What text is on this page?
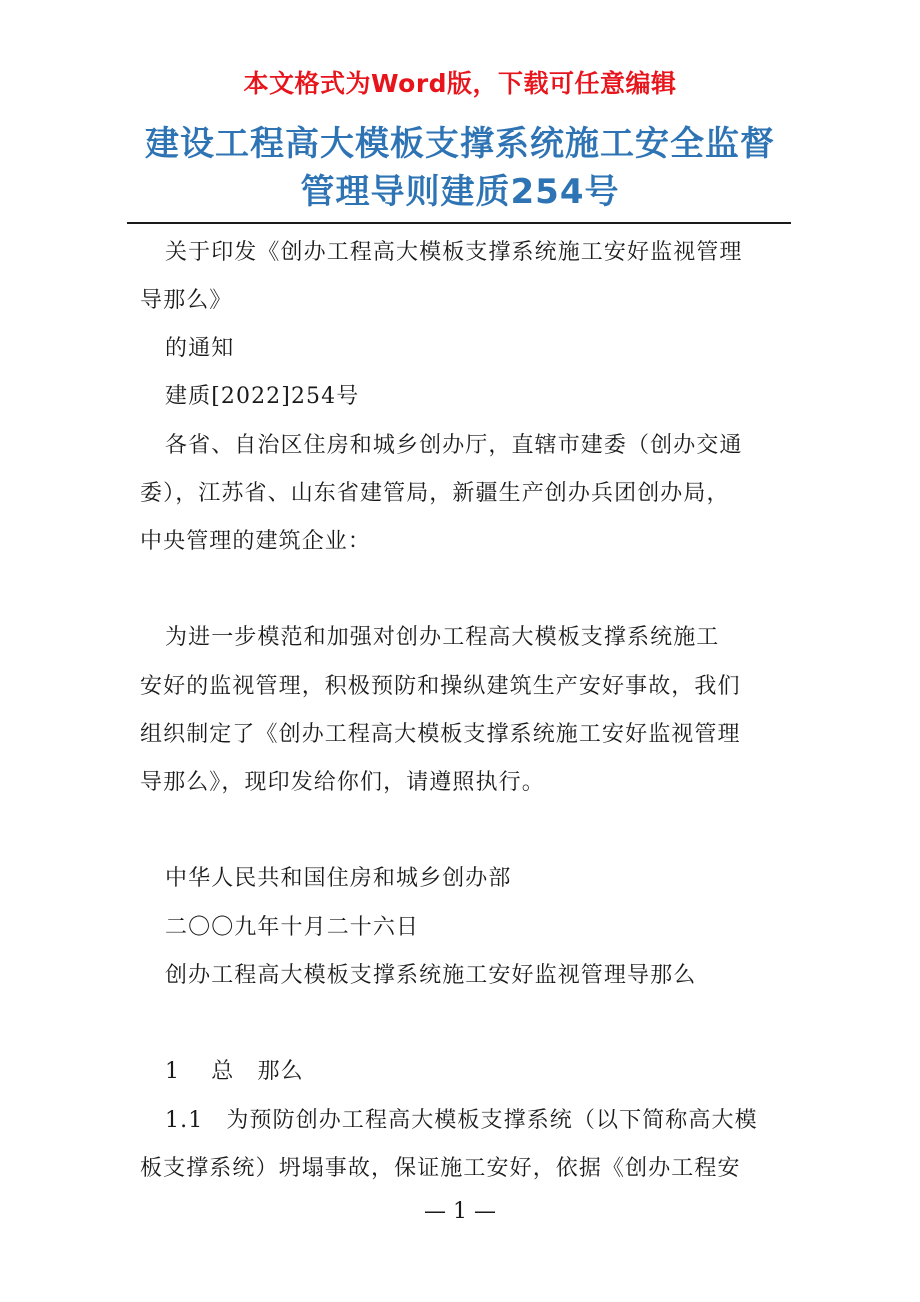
本文格式为Word版，下载可任意编辑
建设工程高大模板支撑系统施工安全监督
管理导则建质254号
关于印发《创办工程高大模板支撑系统施工安好监视管理
导那么》
的通知
建质[2022]254号
各省、自治区住房和城乡创办厅，直辖市建委（创办交通
委），江苏省、山东省建管局，新疆生产创办兵团创办局，
中央管理的建筑企业：
为进一步模范和加强对创办工程高大模板支撑系统施工
安好的监视管理，积极预防和操纵建筑生产安好事故，我们
组织制定了《创办工程高大模板支撑系统施工安好监视管理
导那么》，现印发给你们，请遵照执行。
中华人民共和国住房和城乡创办部
二〇〇九年十月二十六日
创办工程高大模板支撑系统施工安好监视管理导那么
1　 总　那么
1.1　为预防创办工程高大模板支撑系统（以下简称高大模
板支撑系统）坍塌事故，保证施工安好，依据《创办工程安
— 1 —
